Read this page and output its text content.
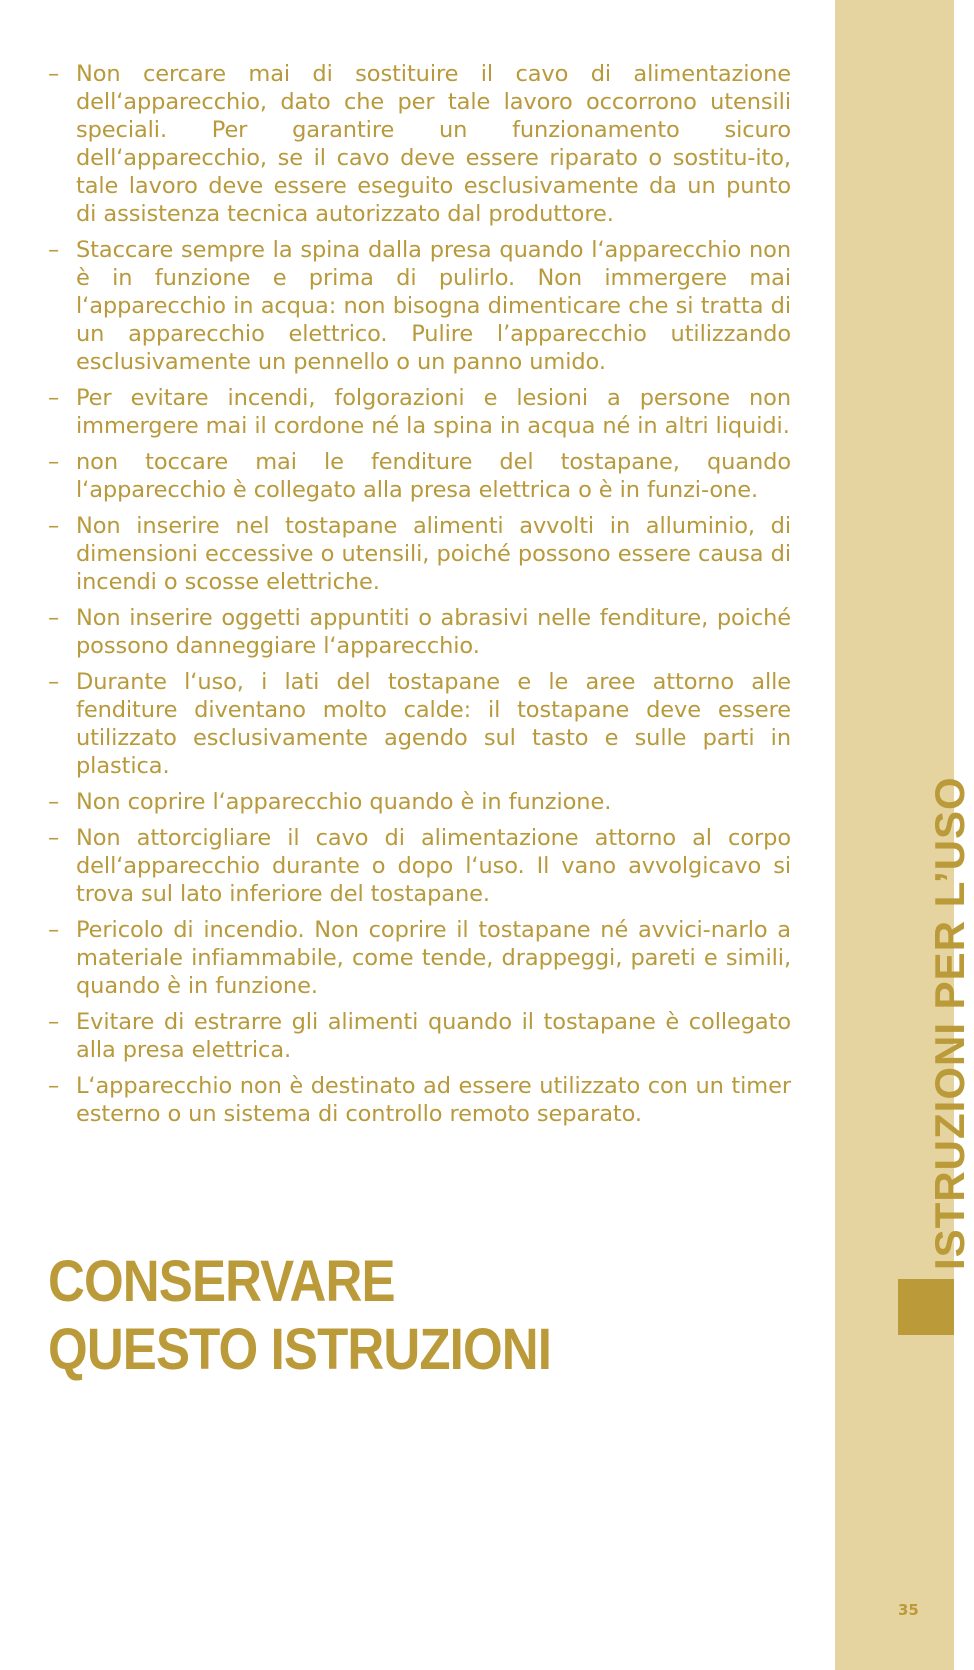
– Non cercare mai di sostituire il cavo di alimentazione dell‘apparecchio, dato che per tale lavoro occorrono utensili speciali. Per garantire un funzionamento sicuro dell‘apparecchio, se il cavo deve essere riparato o sostitu-ito, tale lavoro deve essere eseguito esclusivamente da un punto di assistenza tecnica autorizzato dal produttore.
– Staccare sempre la spina dalla presa quando l‘apparecchio non è in funzione e prima di pulirlo. Non immergere mai l‘apparecchio in acqua: non bisogna dimenticare che si tratta di un apparecchio elettrico. Pulire l’apparecchio utilizzando esclusivamente un pennello o un panno umido.
– Per evitare incendi, folgorazioni e lesioni a persone non immergere mai il cordone né la spina in acqua né in altri liquidi.
– non toccare mai le fenditure del tostapane, quando l‘apparecchio è collegato alla presa elettrica o è in funzi-one.
– Non inserire nel tostapane alimenti avvolti in alluminio, di dimensioni eccessive o utensili, poiché possono essere causa di incendi o scosse elettriche.
– Non inserire oggetti appuntiti o abrasivi nelle fenditure, poiché possono danneggiare l‘apparecchio.
– Durante l‘uso, i lati del tostapane e le aree attorno alle fenditure diventano molto calde: il tostapane deve essere utilizzato esclusivamente agendo sul tasto e sulle parti in plastica.
– Non coprire l‘apparecchio quando è in funzione.
– Non attorcigliare il cavo di alimentazione attorno al corpo dell‘apparecchio durante o dopo l‘uso. Il vano avvolgicavo si trova sul lato inferiore del tostapane.
– Pericolo di incendio. Non coprire il tostapane né avvici-narlo a materiale infiammabile, come tende, drappeggi, pareti e simili, quando è in funzione.
– Evitare di estrarre gli alimenti quando il tostapane è collegato alla presa elettrica.
– L‘apparecchio non è destinato ad essere utilizzato con un timer esterno o un sistema di controllo remoto separato.
CONSERVARE
QUESTO ISTRUZIONI
ISTRUZIONI PER L’USO
35
